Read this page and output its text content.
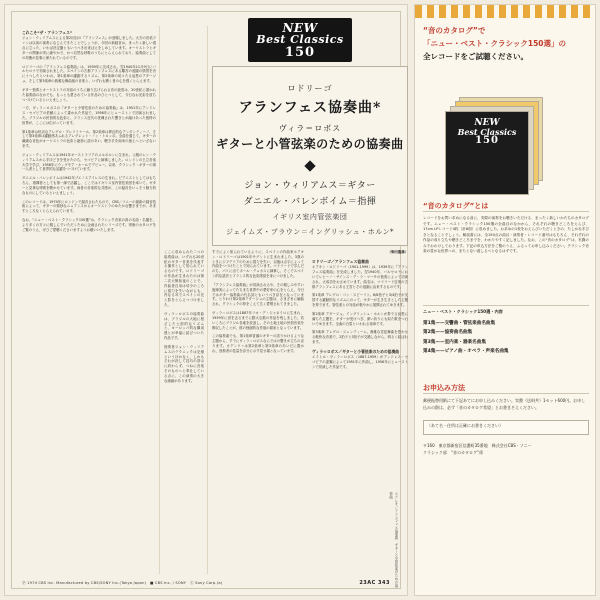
NEW
Best Classics
150
ロドリーゴ
アランフェス協奏曲*
ヴィラ＝ロボス
ギターと小管弦楽のための協奏曲
ジョン・ウィリアムス＝ギター
ダニエル・バレンボイム＝指揮
イギリス室内管弦楽団
ジェイムズ・ブラウン＝イングリッシュ・ホルン*
これこそ“ザ・アランフェス”

ジョン・ウィリアムスによる第2回目の『アランフェス』が登場しました。大方の音楽ファンは以前の演奏になじんできたことでしょうが、今回の新録音は、まったく新しい視点に立った、いわば決定盤ともいうべき出来ばえをしめしています。オーケストラとギターの関係が実に細やかで、かつ自然な呼吸のうちにとらえられており、協奏曲としての均衡が見事に保たれているのです。

ロドリーゴの『アランフェス協奏曲』は、1939年に完成され、翌1940年11月9日にバルセロナで初演されました。スペインの古都アランフェスにある離宮の庭園の情景を音にうつしたといわれ、第1楽章の躍動するリズム、第2楽章の切々たる哀愁のアダージョ、そして第3楽章の典雅な舞曲風の音楽と、いずれも聴く者の心を強くとらえます。

ギター独奏とオーケストラの対話のうちに繰り広げられる音の絵巻は、20世紀に書かれた協奏曲のなかでも、もっとも愛されている作品のひとつとして、今日なお光彩を放ちつづけているといえましょう。

一方、ヴィラ＝ロボスの『ギターと小管弦楽のための協奏曲』は、1951年にアンドレス・セゴビアの依頼によって書かれた作品で、1956年にヒューストンで初演されました。ブラジルの民俗的な色彩と、フランス近代の洗練された響きとが融けあった独特の世界が、ここには広がっています。

第1楽章は快活なアレグロ・プレリミナール、第2楽章は夢幻的なアンダンティーノ、そして第3楽章は躍動感あふれるアレグレット・ノン・トロッポ。全曲を通じて、ギターの繊細な音色がオーケストラの色彩と絶妙に溶けあい、聴き手を南米の風土へといざないます。

ジョン・ウィリアムスは1941年オーストラリアのメルボルンに生まれ、父親のレン・ウィリアムスから手ほどきを受けたのち、セゴビアに師事しました。ロンドンの王立音楽大学で学び、1958年にウィグモア・ホールでデビュー。以来、クラシック・ギターの第一人者として世界的な活躍をつづけています。

ダニエル・バレンボイムは1942年ブエノスアイレスの生まれ。ピアニストとしてはもちろん、指揮者としても第一線で活躍し、ここではイギリス室内管弦楽団を率いて、ギターと見事な呼吸を聴かせています。両者の音楽的な共感が、この録音をいっそう魅力的なものにしているといえましょう。

このレコードは、1974年にロンドンで録音されたもので、CBS／ソニーの最新の録音技術によって、ギターの微妙なニュアンスからオーケストラのゆたかな響きまでが、あますところなくとらえられています。

なお、“ニュー・ベスト・クラシック150選”は、クラシック音楽の真の名曲・名盤を、より多くの方々に親しんでいただくために企画されたシリーズです。別冊のカタログをご覧のうえ、ぜひご愛聴くださいますようお願いいたします。

ここに収められた二つの協奏曲は、いずれも20世紀のギター音楽を代表する傑作として知られているものです。ロドリーゴの作品が生まれたのは第二次大戦前夜のことで、作曲者自身は幼少のころに視力を失いながらも、内なる耳でスペインの光と影をとらえつづけました。

ヴィラ＝ロボスの協奏曲は、ブラジルの大地に根ざした土俗的なリズムと、ヨーロッパ的な構成感とが幸福に結びついた作品です。

独奏者ジョン・ウィリアムスのテクニックは完璧というほかなく、しかもそれが決して技巧の誇示に終わらず、つねに音楽そのものへと奉仕している点に、この演奏の大きな価値があります。

すでによく知られているように、スペインの作曲家ホアキン・ロドリーゴは1901年サグントに生まれました。3歳のときにジフテリアのために視力を失い、以後は点字によって作曲をつづけたことで知られています。マドリードで学んだのち、パリに出てポール・デュカスに師事し、そこでスペイン的な語法とフランス的な色彩感覚を身につけました。

『アランフェス協奏曲』が初演されるや、その親しみやすい旋律美によってたちまち世界中の愛好家の心をとらえ、今日ではギター協奏曲の代名詞ともいうべき存在となっています。とりわけ第2楽章アダージョの主題は、さまざまに編曲され、クラシックの枠をこえて広く愛唱されてきました。

ヴィラ＝ロボスは1887年リオ・デ・ジャネイロに生まれ、1959年に世を去るまでに膨大な数の作品を残しました。若いころにブラジル各地を放浪し、その土地土地の民俗音楽を吸収したことが、彼の独創的な作風の源泉となっています。

この協奏曲でも、第1楽章冒頭のギターの語りかけるような主題から、すでにヴィラ＝ロボスならではの響きが立ちのぼります。カデンツァは第2楽章と第3楽章のあいだに置かれ、独奏者の技量を存分に示す見せ場となっています。

（柴田龍雄）

ロドリーゴ／アランフェス協奏曲

ホアキン・ロドリーゴ（1901-1999）は、1939年に『アランフェス協奏曲』を完成しました。翌1940年、バルセロナにおいてレヒーノ・サインス・デ・ラ・マーサの独奏によって初演され、大成功をおさめています。曲名は、マドリード近郊の古都アランフェスにある王宮とその庭園に由来するものです。

第1楽章 アレグロ・コン・スピーリト。6/8拍子と3/4拍子が交替する躍動的なリズムにのって、ギターが生き生きとした主題を奏でます。管弦楽との対話が軽やかに展開されてゆきます。

第2楽章 アダージョ。イングリッシュ・ホルンが奏でる哀愁に満ちた主題を、ギターが受けつぎ、深い祈りにも似た歌をつむいでゆきます。全曲の白眉といわれる楽章です。

第3楽章 アレグロ・ジェンティーレ。典雅な宮廷舞曲を思わせる軽快な音楽で、2拍子と3拍子が交錯しながら、明るく結ばれます。

ヴィラ＝ロボス／ギターと小管弦楽のための協奏曲

エイトル・ヴィラ＝ロボス（1887-1959）がアンドレス・セゴビアの委嘱によって1951年に作曲し、1956年にヒューストンで初演した作品です。

ステレオ／アランフェス協奏曲　ギターと小管弦楽のための協奏曲
Ⓟ 1974 CBS Inc. Manufactured by CBS/SONY Inc.(Tokyo Japan)　■ CBS Inc. / SONY　Ⓒ Sony Corp.(a)	23AC 343
“音のカタログ”で
「ニュー・ベスト・クラシック150選」の
全レコードをご試聴ください。
NEW
Best Classics
150
“音のカタログ”とは
レコードをお買い求めになる前に、実際の演奏をお聴きいただける、まったく新しいかたちのカタログです。ニュー・ベスト・クラシック150選の全曲目のなかから、それぞれの聴きどころをえらび、17cm LPレコード4枚（計8面）に収めました。お求めの1枚をおえらびいただくときの、たしかな手びきとなることでしょう。解説書には、全150点の曲目・演奏者・レコード番号はもちろん、それぞれの作品の成り立ちや聴きどころまでを、わかりやすく記しました。なお、この“音のカタログ”は、実費のみでおわけしております。下記の申込方法をご覧のうえ、ふるってお申し込みください。クラシック音楽の豊かな世界への、またとない道しるべとなるはずです。
ニュー・ベスト・クラシック150選・内容
第1集——交響曲・管弦楽曲名曲集
第2集——協奏曲名曲集
第3集——室内楽・器楽名曲集
第4集——ピアノ曲・オペラ・声楽名曲集
お申込み方法
郵便振替用紙にて下記あてにお申し込みください。実費（送料共）1セット600円。お申し込みの際は、必ず「音のカタログ希望」とお書きそえください。
（あて名・住所は正確にお書きください）
〒160　東京都新宿区信濃町35番地　株式会社CBS・ソニー
クラシック部　“音のカタログ”係
